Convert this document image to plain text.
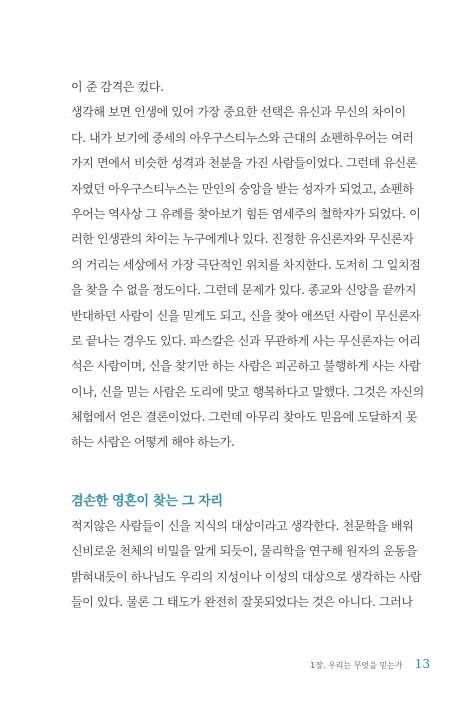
이 준 감격은 컸다.
생각해 보면 인생에 있어 가장 중요한 선택은 유신과 무신의 차이이
다. 내가 보기에 중세의 아우구스티누스와 근대의 쇼펜하우어는 여러
가지 면에서 비슷한 성격과 천분을 가진 사람들이었다. 그런데 유신론
자였던 아우구스티누스는 만인의 숭앙을 받는 성자가 되었고, 쇼펜하
우어는 역사상 그 유례를 찾아보기 힘든 염세주의 철학자가 되었다. 이
러한 인생관의 차이는 누구에게나 있다. 진정한 유신론자와 무신론자
의 거리는 세상에서 가장 극단적인 위치를 차지한다. 도저히 그 일치점
을 찾을 수 없을 정도이다. 그런데 문제가 있다. 종교와 신앙을 끝까지
반대하던 사람이 신을 믿게도 되고, 신을 찾아 애쓰던 사람이 무신론자
로 끝나는 경우도 있다. 파스칼은 신과 무관하게 사는 무신론자는 어리
석은 사람이며, 신을 찾기만 하는 사람은 피곤하고 불행하게 사는 사람
이나, 신을 믿는 사람은 도리에 맞고 행복하다고 말했다. 그것은 자신의
체험에서 얻은 결론이었다. 그런데 아무리 찾아도 믿음에 도달하지 못
하는 사람은 어떻게 해야 하는가.
겸손한 영혼이 찾는 그 자리
적지않은 사람들이 신을 지식의 대상이라고 생각한다. 천문학을 배워
신비로운 천체의 비밀을 알게 되듯이, 물리학을 연구해 원자의 운동을
밝혀내듯이 하나님도 우리의 지성이나 이성의 대상으로 생각하는 사람
들이 있다. 물론 그 태도가 완전히 잘못되었다는 것은 아니다. 그러나
1장. 우리는 무엇을 믿는가 13
